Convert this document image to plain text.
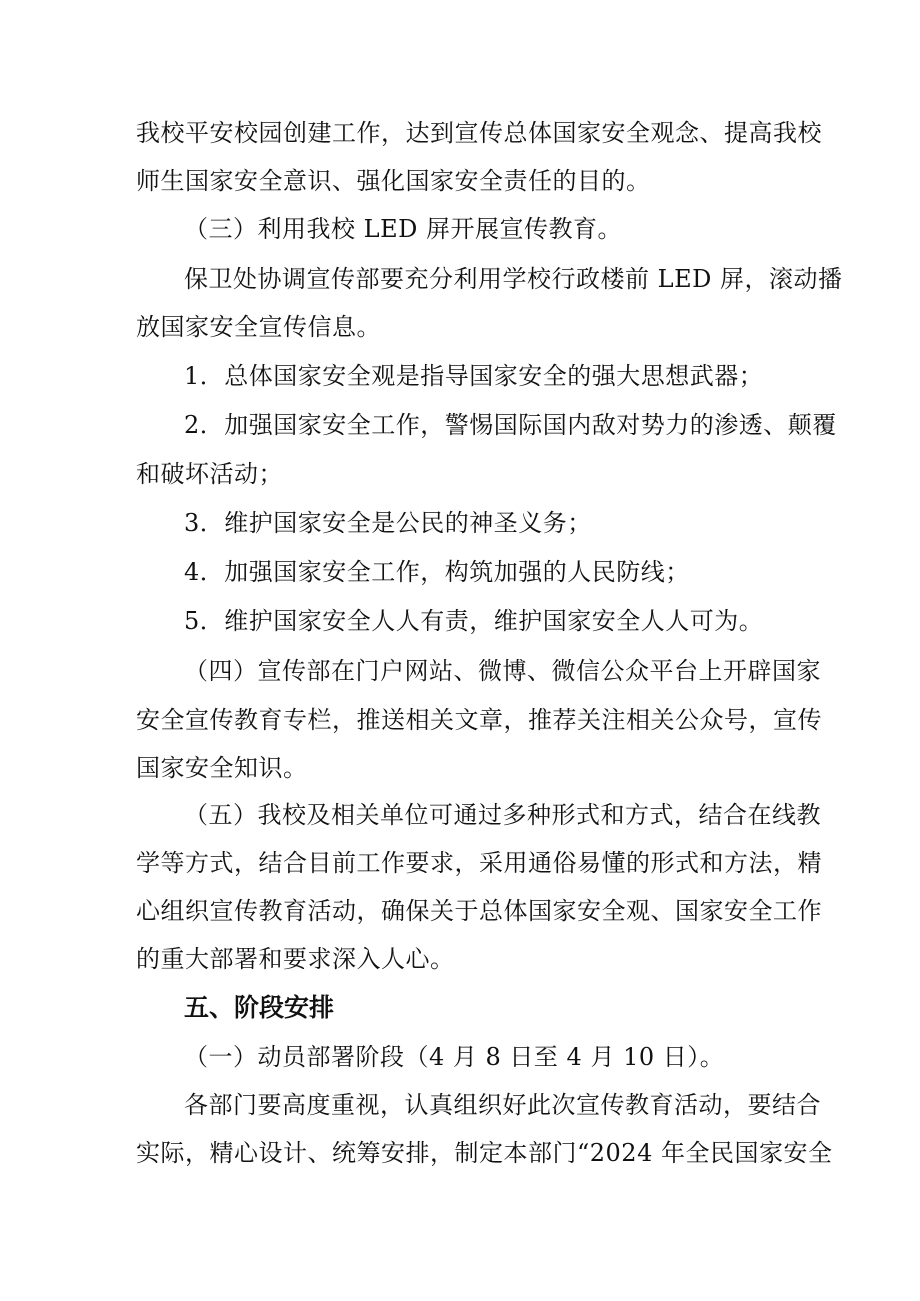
我校平安校园创建工作，达到宣传总体国家安全观念、提高我校
师生国家安全意识、强化国家安全责任的目的。
（三）利用我校 LED 屏开展宣传教育。
保卫处协调宣传部要充分利用学校行政楼前 LED 屏，滚动播
放国家安全宣传信息。
1．总体国家安全观是指导国家安全的强大思想武器；
2．加强国家安全工作，警惕国际国内敌对势力的渗透、颠覆
和破坏活动；
3．维护国家安全是公民的神圣义务；
4．加强国家安全工作，构筑加强的人民防线；
5．维护国家安全人人有责，维护国家安全人人可为。
（四）宣传部在门户网站、微博、微信公众平台上开辟国家
安全宣传教育专栏，推送相关文章，推荐关注相关公众号，宣传
国家安全知识。
（五）我校及相关单位可通过多种形式和方式，结合在线教
学等方式，结合目前工作要求，采用通俗易懂的形式和方法，精
心组织宣传教育活动，确保关于总体国家安全观、国家安全工作
的重大部署和要求深入人心。
五、阶段安排
（一）动员部署阶段（4 月 8 日至 4 月 10 日）。
各部门要高度重视，认真组织好此次宣传教育活动，要结合
实际，精心设计、统筹安排，制定本部门“2024 年全民国家安全
